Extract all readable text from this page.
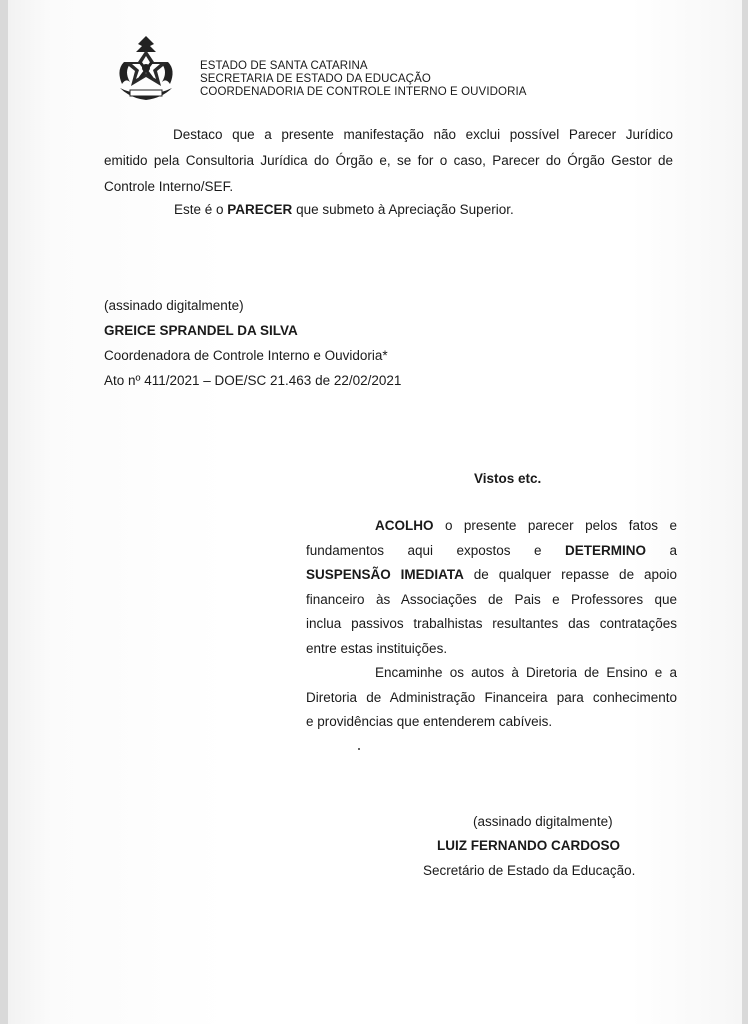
ESTADO DE SANTA CATARINA
SECRETARIA DE ESTADO DA EDUCAÇÃO
COORDENADORIA DE CONTROLE INTERNO E OUVIDORIA
Destaco que a presente manifestação não exclui possível Parecer Jurídico
emitido pela Consultoria Jurídica do Órgão e, se for o caso, Parecer do Órgão Gestor de
Controle Interno/SEF.
Este é o PARECER que submeto à Apreciação Superior.
(assinado digitalmente)
GREICE SPRANDEL DA SILVA
Coordenadora de Controle Interno e Ouvidoria*
Ato nº 411/2021 – DOE/SC 21.463 de 22/02/2021
Vistos etc.
ACOLHO o presente parecer pelos fatos e
fundamentos aqui expostos e DETERMINO a
SUSPENSÃO IMEDIATA de qualquer repasse de apoio
financeiro às Associações de Pais e Professores que
inclua passivos trabalhistas resultantes das contratações
entre estas instituições.
Encaminhe os autos à Diretoria de Ensino e a
Diretoria de Administração Financeira para conhecimento
e providências que entenderem cabíveis.
(assinado digitalmente)
LUIZ FERNANDO CARDOSO
Secretário de Estado da Educação.
